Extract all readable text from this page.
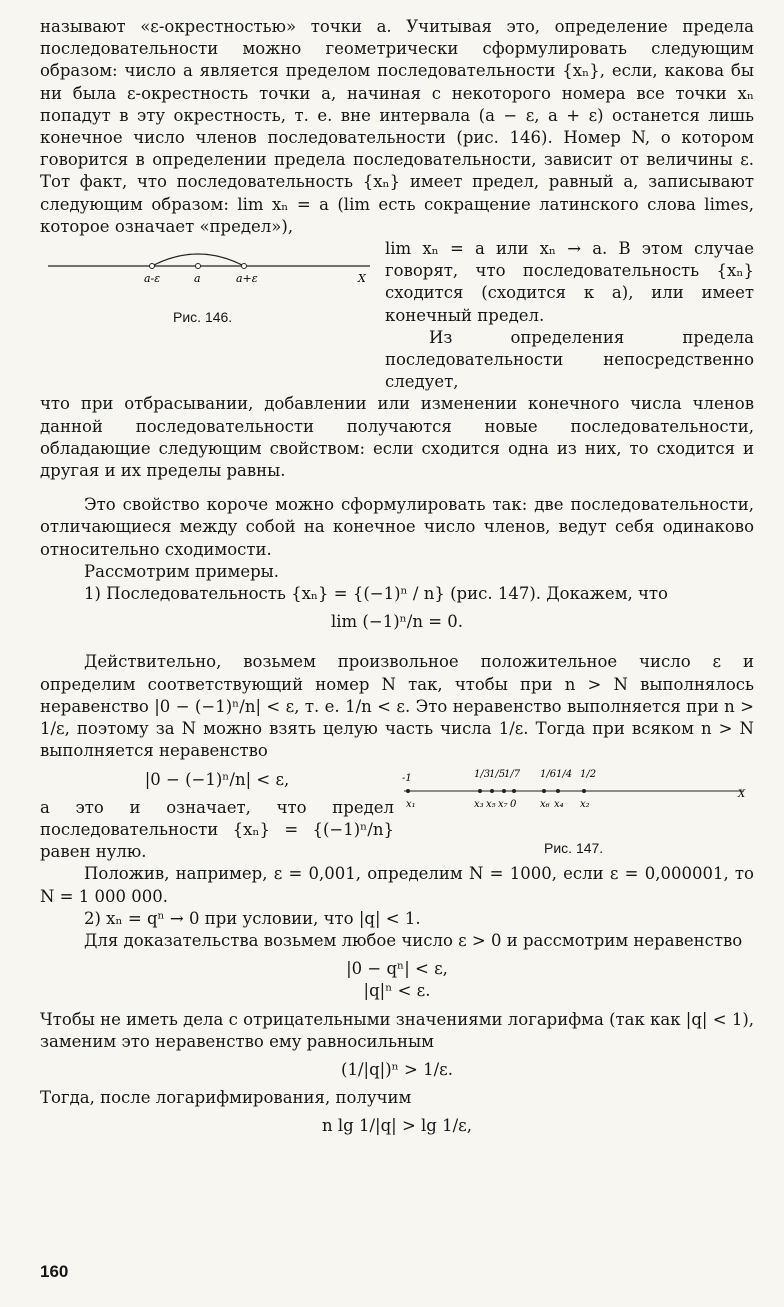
называют «ε-окрестностью» точки a. Учитывая это, определение предела последовательности можно геометрически сформулировать следующим образом: число a является пределом последовательности {xₙ}, если, какова бы ни была ε-окрестность точки a, начиная с некоторого номера все точки xₙ попадут в эту окрестность, т. е. вне интервала (a − ε, a + ε) останется лишь конечное число членов последовательности (рис. 146). Номер N, о котором говорится в определении предела последовательности, зависит от величины ε. Тот факт, что последовательность {xₙ} имеет предел, равный a, записывают следующим образом: lim xₙ = a (lim есть сокращение латинского слова limes, которое означает «предел»),

a-ε	a	a+ε	X
Рис. 146.

lim xₙ = a или xₙ → a. В этом случае говорят, что последовательность {xₙ} сходится (сходится к a), или имеет конечный предел.

Из определения предела последовательности непосредственно следует,

что при отбрасывании, добавлении или изменении конечного числа членов данной последовательности получаются новые последовательности, обладающие следующим свойством: если сходится одна из них, то сходится и другая и их пределы равны.

Это свойство короче можно сформулировать так: две последовательности, отличающиеся между собой на конечное число членов, ведут себя одинаково относительно сходимости.

Рассмотрим примеры.

1) Последовательность {xₙ} = {(−1)ⁿ / n} (рис. 147). Докажем, что

lim (−1)ⁿ/n = 0.

Действительно, возьмем произвольное положительное число ε и определим соответствующий номер N так, чтобы при n > N выполнялось неравенство |0 − (−1)ⁿ/n| < ε, т. е. 1/n < ε. Это неравенство выполняется при n > 1/ε, поэтому за N можно взять целую часть числа 1/ε. Тогда при всяком n > N выполняется неравенство

|0 − (−1)ⁿ/n| < ε,

а это и означает, что предел последовательности {xₙ} = {(−1)ⁿ/n} равен нулю.

-1	1/3
1/5
1/7 1/6 1/4 1/2
x₁	x₃ x₅ x₇ 0 x₆ x₄ x₂
X
Рис. 147.

Положив, например, ε = 0,001, определим N = 1000, если ε = 0,000001, то N = 1 000 000.

2) xₙ = qⁿ → 0 при условии, что |q| < 1.

Для доказательства возьмем любое число ε > 0 и рассмотрим неравенство

|0 − qⁿ| < ε,

|q|ⁿ < ε.

Чтобы не иметь дела с отрицательными значениями логарифма (так как |q| < 1), заменим это неравенство ему равносильным

(1/|q|)ⁿ > 1/ε.

Тогда, после логарифмирования, получим

n lg 1/|q| > lg 1/ε,

160
